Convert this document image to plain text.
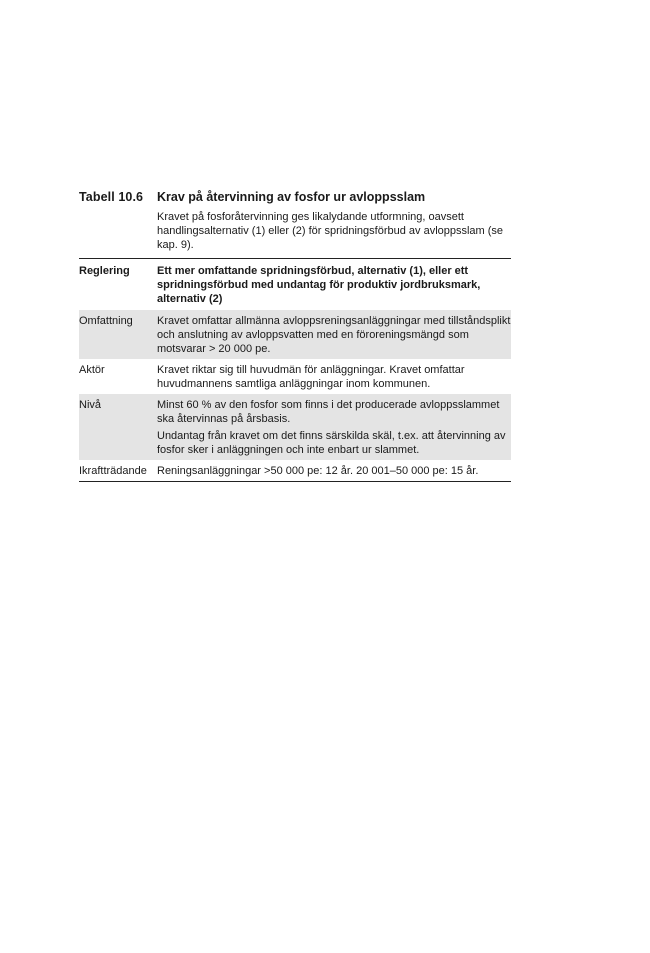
Tabell 10.6	Krav på återvinning av fosfor ur avloppsslam
Kravet på fosforåtervinning ges likalydande utformning, oavsett handlingsalternativ (1) eller (2) för spridningsförbud av avloppsslam (se kap. 9).
Reglering	Ett mer omfattande spridningsförbud, alternativ (1), eller ett spridningsförbud med undantag för produktiv jordbruksmark, alternativ (2)
Omfattning	Kravet omfattar allmänna avloppsreningsanläggningar med tillståndsplikt och anslutning av avloppsvatten med en föroreningsmängd som motsvarar > 20 000 pe.
Aktör	Kravet riktar sig till huvudmän för anläggningar. Kravet omfattar huvudmannens samtliga anläggningar inom kommunen.
Nivå	Minst 60 % av den fosfor som finns i det producerade avloppsslammet ska återvinnas på årsbasis.
Undantag från kravet om det finns särskilda skäl, t.ex. att återvinning av fosfor sker i anläggningen och inte enbart ur slammet.
Ikraftträdande Reningsanläggningar >50 000 pe: 12 år. 20 001–50 000 pe: 15 år.
